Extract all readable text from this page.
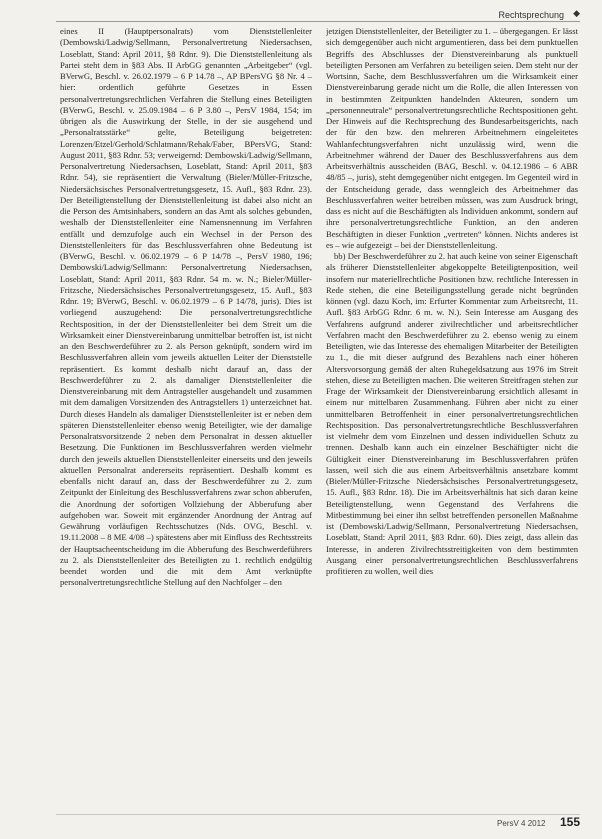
Rechtsprechung ◆

eines II (Hauptpersonalrats) vom Dienststellenleiter (Dembowski/Ladwig/Sellmann, Personalvertretung Niedersachsen, Loseblatt, Stand: April 2011, §8 Rdnr. 9). Die Dienststellenleitung als Partei steht dem in §83 Abs. II ArbGG genannten „Arbeitgeber“ (vgl. BVerwG, Beschl. v. 26.02.1979 – 6 P 14.78 –, AP BPersVG §8 Nr. 4 – hier: ordentlich geführte Gesetzes in Essen personalvertretungsrechtlichen Verfahren die Stellung eines Beteiligten (BVerwG, Beschl. v. 25.09.1984 – 6 P 3.80 –, PersV 1984, 154; im übrigen als die Auswirkung der Stelle, in der sie ausgehend und „Personalratsstärke“ gelte, Beteiligung beigetreten: Lorenzen/Etzel/Gerhold/Schlatmann/Rehak/Faber, BPersVG, Stand: August 2011, §83 Rdnr. 53; verweigernd: Dembowski/Ladwig/Sellmann, Personalvertretung Niedersachsen, Loseblatt, Stand: April 2011, §83 Rdnr. 54), sie repräsentiert die Verwaltung (Bieler/Müller-Fritzsche, Niedersächsisches Personalvertretungsgesetz, 15. Aufl., §83 Rdnr. 23). Der Beteiligtenstellung der Dienststellenleitung ist dabei also nicht an die Person des Amtsinhabers, sondern an das Amt als solches gebunden, weshalb der Dienststellenleiter eine Namensnennung im Verfahren entfällt und demzufolge auch ein Wechsel in der Person des Dienststellenleiters für das Beschlussverfahren ohne Bedeutung ist (BVerwG, Beschl. v. 06.02.1979 – 6 P 14/78 –, PersV 1980, 196; Dembowski/Ladwig/Sellmann: Personalvertretung Niedersachsen, Loseblatt, Stand: April 2011, §83 Rdnr. 54 m. w. N.; Bieler/Müller-Fritzsche, Niedersächsisches Personalvertretungsgesetz, 15. Aufl., §83 Rdnr. 19; BVerwG, Beschl. v. 06.02.1979 – 6 P 14/78, juris). Dies ist vorliegend auszugehend: Die personalvertretungsrechtliche Rechtsposition, in der der Dienststellenleiter bei dem Streit um die Wirksamkeit einer Dienstvereinbarung unmittelbar betroffen ist, ist nicht an den Beschwerdeführer zu 2. als Person geknüpft, sondern wird im Beschlussverfahren allein vom jeweils aktuellen Leiter der Dienststelle repräsentiert. Es kommt deshalb nicht darauf an, dass der Beschwerdeführer zu 2. als damaliger Dienststellenleiter die Dienstvereinbarung mit dem Antragsteller ausgehandelt und zusammen mit dem damaligen Vorsitzenden des Antragstellers 1) unterzeichnet hat. Durch dieses Handeln als damaliger Dienststellenleiter ist er neben dem späteren Dienststellenleiter ebenso wenig Beteiligter, wie der damalige Personalratsvorsitzende 2 neben dem Personalrat in dessen aktueller Besetzung. Die Funktionen im Beschlussverfahren werden vielmehr durch den jeweils aktuellen Dienststellenleiter einerseits und den jeweils aktuellen Personalrat andererseits repräsentiert. Deshalb kommt es ebenfalls nicht darauf an, dass der Beschwerdeführer zu 2. zum Zeitpunkt der Einleitung des Beschlussverfahrens zwar schon abberufen, die Anordnung der sofortigen Vollziehung der Abberufung aber aufgehoben war. Soweit mit ergänzender Anordnung der Antrag auf Gewährung vorläufigen Rechtsschutzes (Nds. OVG, Beschl. v. 19.11.2008 – 8 ME 4/08 –) spätestens aber mit Einfluss des Rechtsstreits der Hauptsacheentscheidung im die Abberufung des Beschwerdeführers zu 2. als Dienststellenleiter des Beteiligten zu 1. rechtlich endgültig beendet worden und die mit dem Amt verknüpfte personalvertretungsrechtliche Stellung auf den Nachfolger – den

jetzigen Dienststellenleiter, der Beteiligter zu 1. – übergegangen. Er lässt sich demgegenüber auch nicht argumentieren, dass bei dem punktuellen Begriffs des Abschlusses der Dienstvereinbarung als punktuell beteiligten Personen am Verfahren zu beteiligen seien. Dem steht nur der Wortsinn, Sache, dem Beschlussverfahren um die Wirksamkeit einer Dienstvereinbarung gerade nicht um die Rolle, die allen Interessen von in bestimmten Zeitpunkten handelnden Akteuren, sondern um „personenneutrale“ personalvertretungsrechtliche Rechtspositionen geht. Der Hinweis auf die Rechtsprechung des Bundesarbeitsgerichts, nach der für den bzw. den mehreren Arbeitnehmern eingeleitetes Wahlanfechtungsverfahren nicht unzulässig wird, wenn die Arbeitnehmer während der Dauer des Beschlussverfahrens aus dem Arbeitsverhältnis ausscheiden (BAG, Beschl. v. 04.12.1986 – 6 ABR 48/85 –, juris), steht demgegenüber nicht entgegen. Im Gegenteil wird in der Entscheidung gerade, dass wenngleich des Arbeitnehmer das Beschlussverfahren weiter betreiben müssen, was zum Ausdruck bringt, dass es nicht auf die Beschäftigten als Individuen ankommt, sondern auf ihre personalvertretungsrechtliche Funktion, an den anderen Beschäftigten in dieser Funktion „vertreten“ können. Nichts anderes ist es – wie aufgezeigt – bei der Dienststellenleitung.

bb) Der Beschwerdeführer zu 2. hat auch keine von seiner Eigenschaft als früherer Dienststellenleiter abgekoppelte Beteiligtenposition, weil insofern nur materiellrechtliche Positionen bzw. rechtliche Interessen in Rede stehen, die eine Beteiligungsstellung gerade nicht begründen können (vgl. dazu Koch, im: Erfurter Kommentar zum Arbeitsrecht, 11. Aufl. §83 ArbGG Rdnr. 6 m. w. N.). Sein Interesse am Ausgang des Verfahrens aufgrund anderer zivilrechtlicher und arbeitsrechtlicher Verfahren macht den Beschwerdeführer zu 2. ebenso wenig zu einem Beteiligten, wie das Interesse des ehemaligen Mitarbeiter der Beteiligten zu 1., die mit dieser aufgrund des Bezahlens nach einer höheren Altersvorsorgung gemäß der alten Ruhegeldsatzung aus 1976 im Streit stehen, diese zu Beteiligten machen. Die weiteren Streitfragen stehen zur Frage der Wirksamkeit der Dienstvereinbarung ersichtlich allesamt in einem nur mittelbaren Zusammenhang. Führen aber nicht zu einer unmittelbaren Betroffenheit in einer personalvertretungsrechtlichen Rechtsposition. Das personalvertretungsrechtliche Beschlussverfahren ist vielmehr dem vom Einzelnen und dessen individuellen Schutz zu trennen. Deshalb kann auch ein einzelner Beschäftigter nicht die Gültigkeit einer Dienstvereinbarung im Beschlussverfahren prüfen lassen, weil sich die aus einem Arbeitsverhältnis ansetzbare kommt (Bieler/Müller-Fritzsche Niedersächsisches Personalvertretungsgesetz, 15. Aufl., §83 Rdnr. 18). Die im Arbeitsverhältnis hat sich daran keine Beteiligtenstellung, wenn Gegenstand des Verfahrens die Mitbestimmung bei einer ihn selbst betreffenden personellen Maßnahme ist (Dembowski/Ladwig/Sellmann, Personalvertretung Niedersachsen, Loseblatt, Stand: April 2011, §83 Rdnr. 60). Dies zeigt, dass allein das Interesse, in anderen Zivilrechtsstreitigkeiten von dem bestimmten Ausgang einer personalvertretungsrechtlichen Beschlussverfahrens profitieren zu wollen, weil dies

PersV 4 2012 155
